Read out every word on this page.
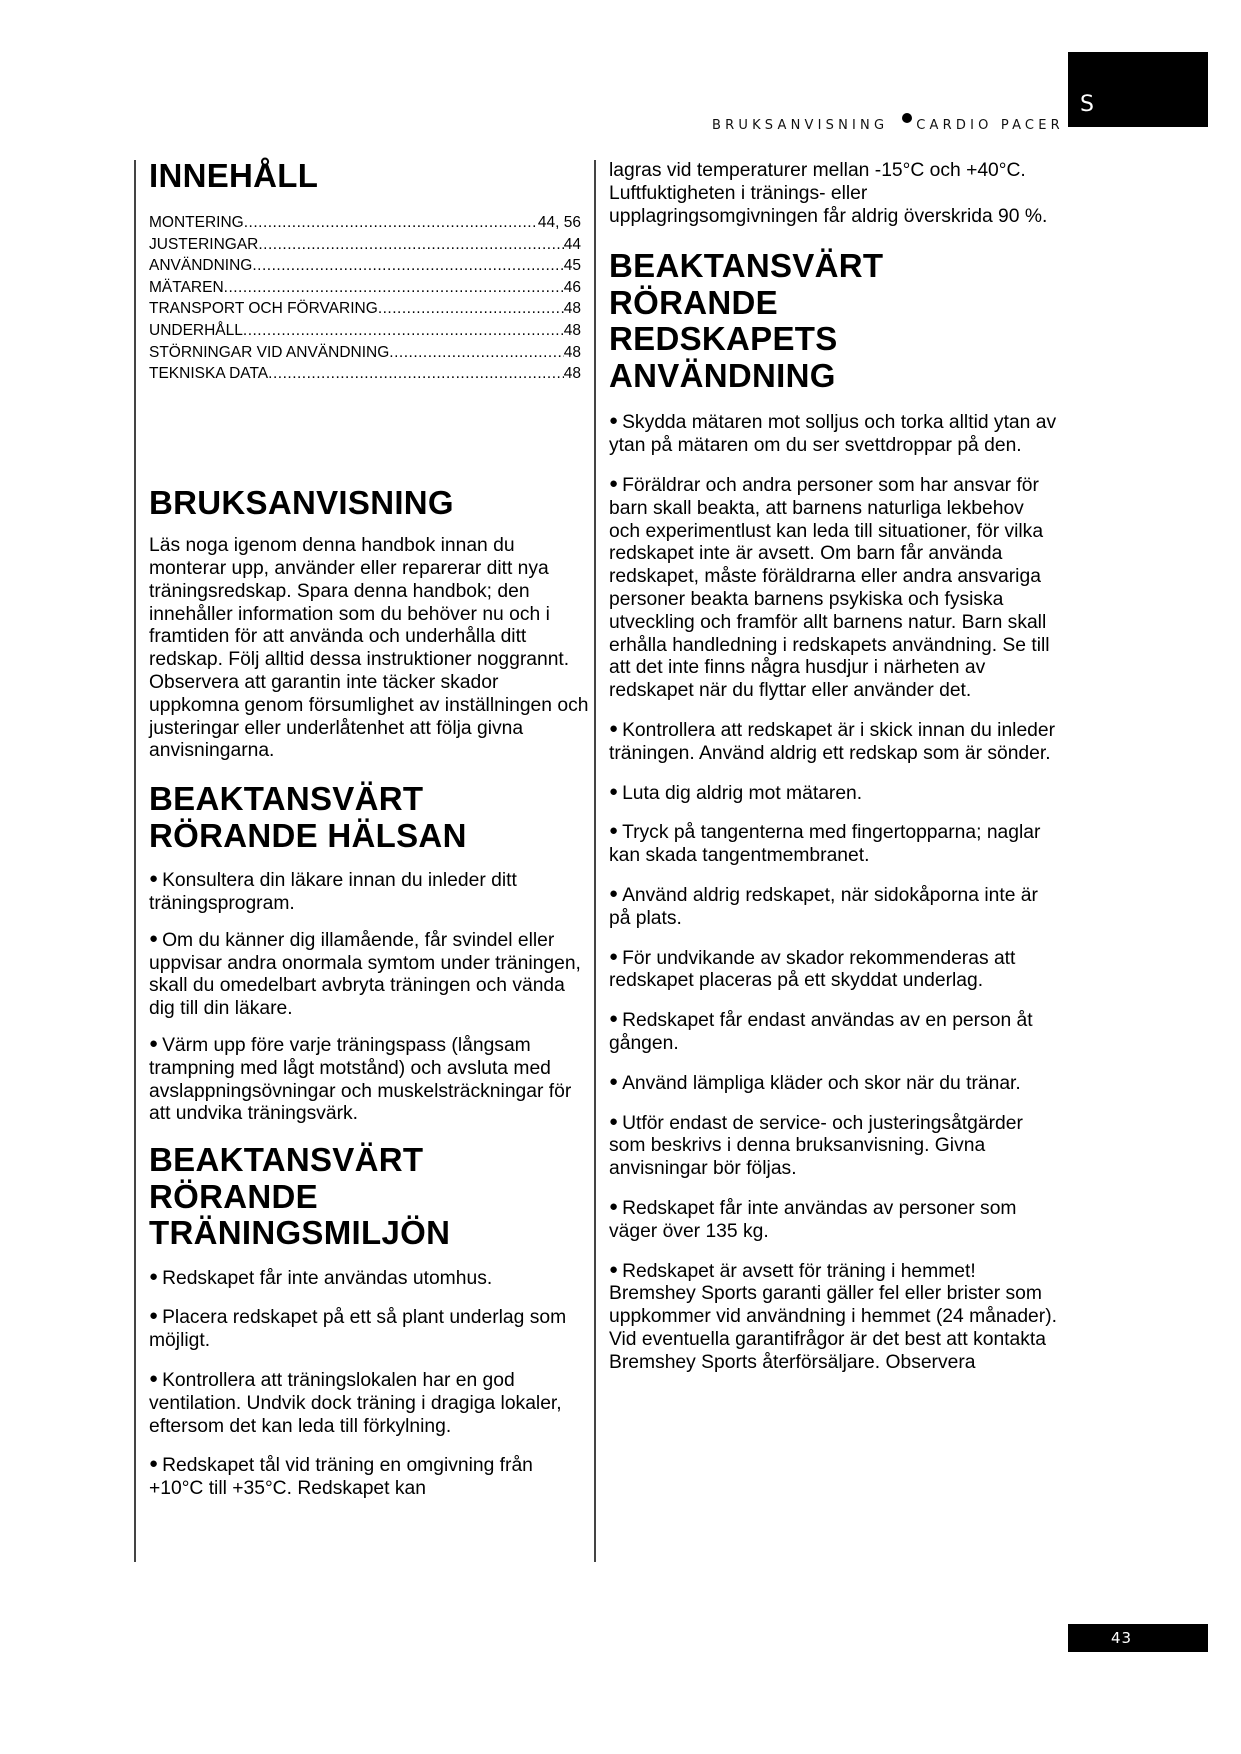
BRUKSANVISNING CARDIO PACER
S
INNEHÅLL
MONTERING .....	44, 56
JUSTERINGAR .....	44
ANVÄNDNING .....	45
MÄTAREN .....	46
TRANSPORT OCH FÖRVARING .....	48
UNDERHÅLL .....	48
STÖRNINGAR VID ANVÄNDNING .....	48
TEKNISKA DATA .....	48
BRUKSANVISNING

Läs noga igenom denna handbok innan du monterar upp, använder eller reparerar ditt nya träningsredskap. Spara denna handbok; den innehåller information som du behöver nu och i framtiden för att använda och underhålla ditt redskap. Följ alltid dessa instruktioner noggrannt. Observera att garantin inte täcker skador uppkomna genom försumlighet av inställningen och justeringar eller underlåtenhet att följa givna anvisningarna.

BEAKTANSVÄRT
RÖRANDE HÄLSAN

● Konsultera din läkare innan du inleder ditt träningsprogram.

● Om du känner dig illamående, får svindel eller uppvisar andra onormala symtom under träningen, skall du omedelbart avbryta träningen och vända dig till din läkare.

● Värm upp före varje träningspass (långsam trampning med lågt motstånd) och avsluta med avslappningsövningar och muskelsträckningar för att undvika träningsvärk.

BEAKTANSVÄRT
RÖRANDE
TRÄNINGSMILJÖN

● Redskapet får inte användas utomhus.

● Placera redskapet på ett så plant underlag som möjligt.

● Kontrollera att träningslokalen har en god ventilation. Undvik dock träning i dragiga lokaler, eftersom det kan leda till förkylning.

● Redskapet tål vid träning en omgivning från +10°C till +35°C. Redskapet kan

lagras vid temperaturer mellan -15°C och +40°C. Luftfuktigheten i tränings- eller upplagringsomgivningen får aldrig överskrida 90 %.

BEAKTANSVÄRT
RÖRANDE
REDSKAPETS
ANVÄNDNING

● Skydda mätaren mot solljus och torka alltid ytan av ytan på mätaren om du ser svettdroppar på den.

● Föräldrar och andra personer som har ansvar för barn skall beakta, att barnens naturliga lekbehov och experimentlust kan leda till situationer, för vilka redskapet inte är avsett. Om barn får använda redskapet, måste föräldrarna eller andra ansvariga personer beakta barnens psykiska och fysiska utveckling och framför allt barnens natur. Barn skall erhålla handledning i redskapets användning. Se till att det inte finns några husdjur i närheten av redskapet när du flyttar eller använder det.

● Kontrollera att redskapet är i skick innan du inleder träningen. Använd aldrig ett redskap som är sönder.

● Luta dig aldrig mot mätaren.

● Tryck på tangenterna med fingertopparna; naglar kan skada tangentmembranet.

● Använd aldrig redskapet, när sidokåporna inte är på plats.

● För undvikande av skador rekommenderas att redskapet placeras på ett skyddat underlag.

● Redskapet får endast användas av en person åt gången.

● Använd lämpliga kläder och skor när du tränar.

● Utför endast de service- och justeringsåtgärder som beskrivs i denna bruksanvisning. Givna anvisningar bör följas.

● Redskapet får inte användas av personer som väger över 135 kg.

● Redskapet är avsett för träning i hemmet! Bremshey Sports garanti gäller fel eller brister som uppkommer vid användning i hemmet (24 månader). Vid eventuella garantifrågor är det best att kontakta Bremshey Sports återförsäljare. Observera

43
